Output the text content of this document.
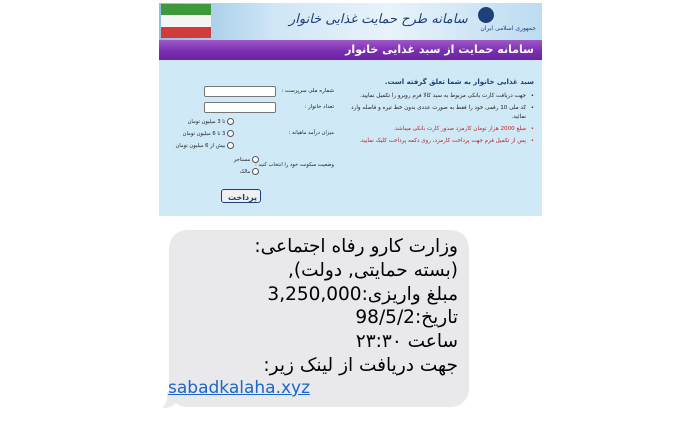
سامانه طرح حمایت غذایی خانوار
جمهوری اسلامی ایران
سامانه حمایت از سبد غذایی خانوار
سبد غذایی خانوار به شما تعلق گرفته است.
• جهت دریافت کارت بانکی مربوط به سبد کالا فرم روبرو را تکمیل نمایید.
• کد ملی 10 رقمی خود را فقط به صورت عددی بدون خط تیره و فاصله وارد نمائید.
• مبلغ 2000 هزار تومان کارمزد صدور کارت بانکی میباشد.
• پس از تکمیل فرم جهت پرداخت کارمزد، روی دکمه پرداخت کلیک نمایید.
شماره ملی سرپرست :
تعداد خانوار :
تا 3 میلیون تومان
میزان درآمد ماهیانه :
3 تا 6 میلیون تومان
بیش از 6 میلیون تومان
مستاجر
وضعیت سکونت خود را انتخاب کنید :
مالک
پرداخت
وزارت کارو رفاه اجتماعی:
(بسته حمایتی, دولت),
مبلغ واریزی:3,250,000
تاریخ:98/5/2
ساعت ۲۳:۳۰
جهت دریافت از لینک زیر:
sabadkalaha.xyz
